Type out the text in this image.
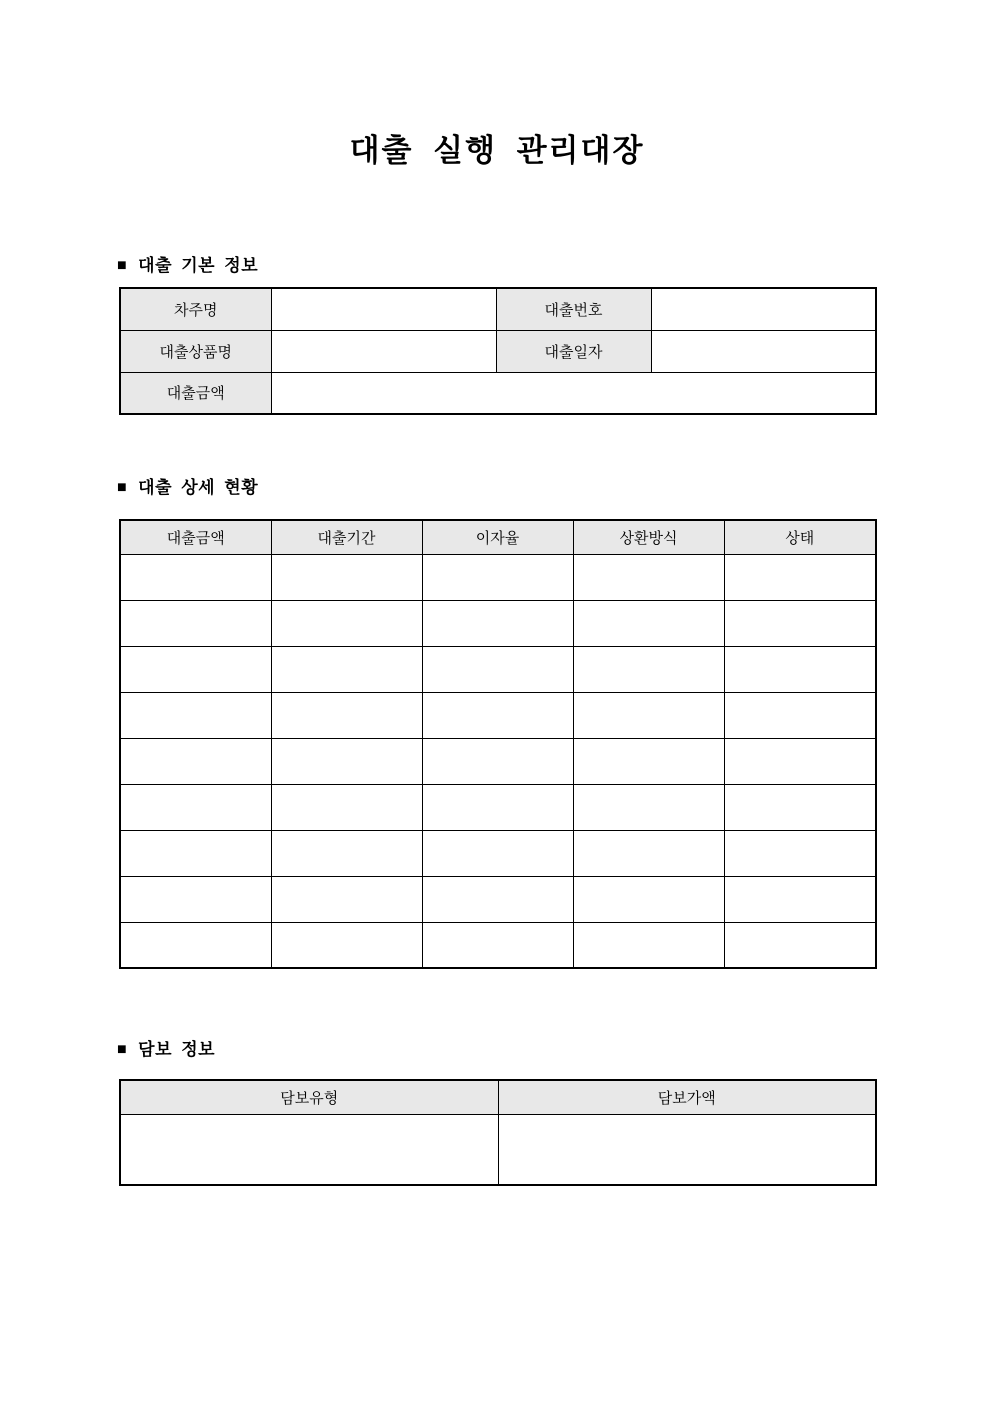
대출 실행 관리대장
■ 대출 기본 정보
차주명		대출번호	
대출상품명		대출일자	
대출금액			
■ 대출 상세 현황
대출금액	대출기간	이자율	상환방식	상태

■ 담보 정보
담보유형	담보가액
